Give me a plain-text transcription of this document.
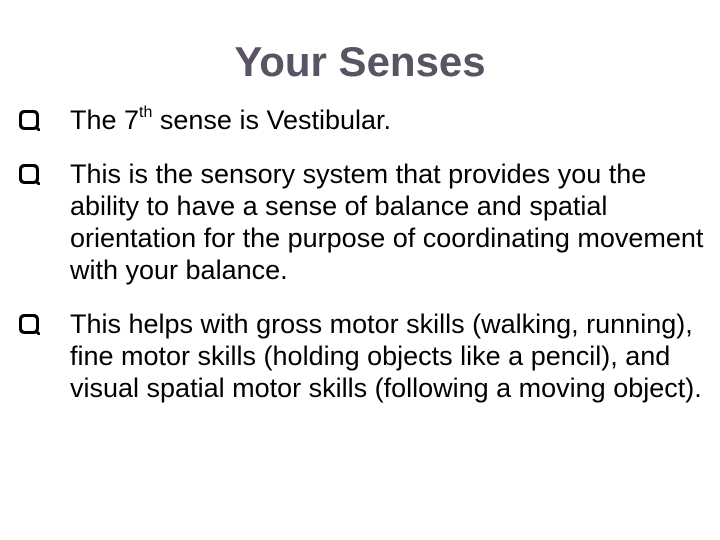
Your Senses
The 7th sense is Vestibular.
This is the sensory system that provides you the ability to have a sense of balance and spatial orientation for the purpose of coordinating movement with your balance.
This helps with gross motor skills (walking, running), fine motor skills (holding objects like a pencil), and visual spatial motor skills (following a moving object).
